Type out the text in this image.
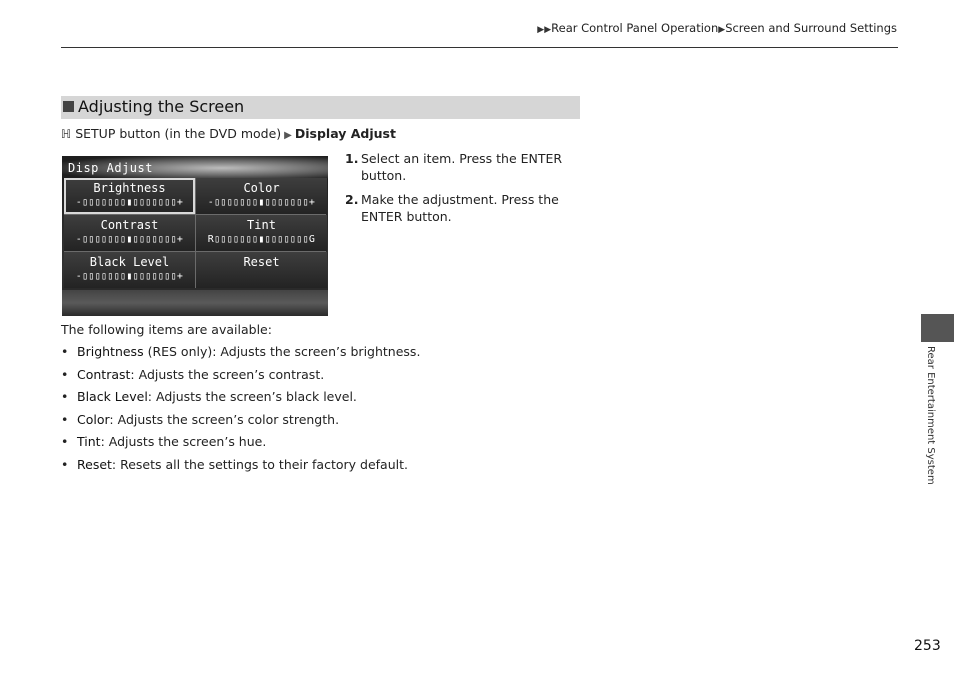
▶▶Rear Control Panel Operation▶Screen and Surround Settings
Adjusting the Screen
ℍ SETUP button (in the DVD mode) ▶ Display Adjust
Disp Adjust
Brightness
-▯▯▯▯▯▯▯▮▯▯▯▯▯▯▯+
Color
-▯▯▯▯▯▯▯▮▯▯▯▯▯▯▯+
Contrast
-▯▯▯▯▯▯▯▮▯▯▯▯▯▯▯+
Tint
R▯▯▯▯▯▯▯▮▯▯▯▯▯▯▯G
Black Level
-▯▯▯▯▯▯▯▮▯▯▯▯▯▯▯+
Reset
1. Select an item. Press the ENTER button.
2. Make the adjustment. Press the ENTER button.
The following items are available:
• Brightness (RES only): Adjusts the screen’s brightness.
• Contrast: Adjusts the screen’s contrast.
• Black Level: Adjusts the screen’s black level.
• Color: Adjusts the screen’s color strength.
• Tint: Adjusts the screen’s hue.
• Reset: Resets all the settings to their factory default.	Rear Entertainment System
253
